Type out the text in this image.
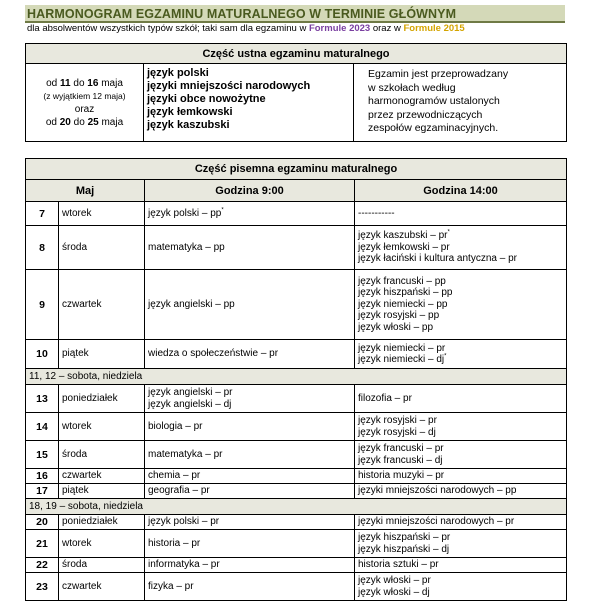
HARMONOGRAM EGZAMINU MATURALNEGO W TERMINIE GŁÓWNYM
dla absolwentów wszystkich typów szkół; taki sam dla egzaminu w Formule 2023 oraz w Formule 2015
Część ustna egzaminu maturalnego

od 11 do 16 maja
(z wyjątkiem 12 maja)
oraz
od 20 do 25 maja

język polski
języki mniejszości narodowych
języki obce nowożytne
język łemkowski
język kaszubski

Egzamin jest przeprowadzany
w szkołach według
harmonogramów ustalonych
przez przewodniczących
zespołów egzaminacyjnych.
Część pisemna egzaminu maturalnego			
Maj		Godzina 9:00	Godzina 14:00
7	wtorek	język polski – pp*	-----------

8	środa	matematyka – pp	język kaszubski – pr*
język łemkowski – pr
język łaciński i kultura antyczna – pr

9	czwartek	język angielski – pp	język francuski – pp
język hiszpański – pp
język niemiecki – pp
język rosyjski – pp
język włoski – pp

10	piątek	wiedza o społeczeństwie – pr	język niemiecki – pr
język niemiecki – dj*

11, 12 – sobota, niedziela			
13	poniedziałek	język angielski – pr
język angielski – dj	filozofia – pr

14	wtorek	biologia – pr	język rosyjski – pr
język rosyjski – dj

15	środa	matematyka – pr	język francuski – pr
język francuski – dj

16	czwartek	chemia – pr	historia muzyki – pr

17	piątek	geografia – pr	języki mniejszości narodowych – pp

18, 19 – sobota, niedziela			
20	poniedziałek	język polski – pr	języki mniejszości narodowych – pr

21	wtorek	historia – pr	język hiszpański – pr
język hiszpański – dj

22	środa	informatyka – pr	historia sztuki – pr

23	czwartek	fizyka – pr	język włoski – pr
język włoski – dj
